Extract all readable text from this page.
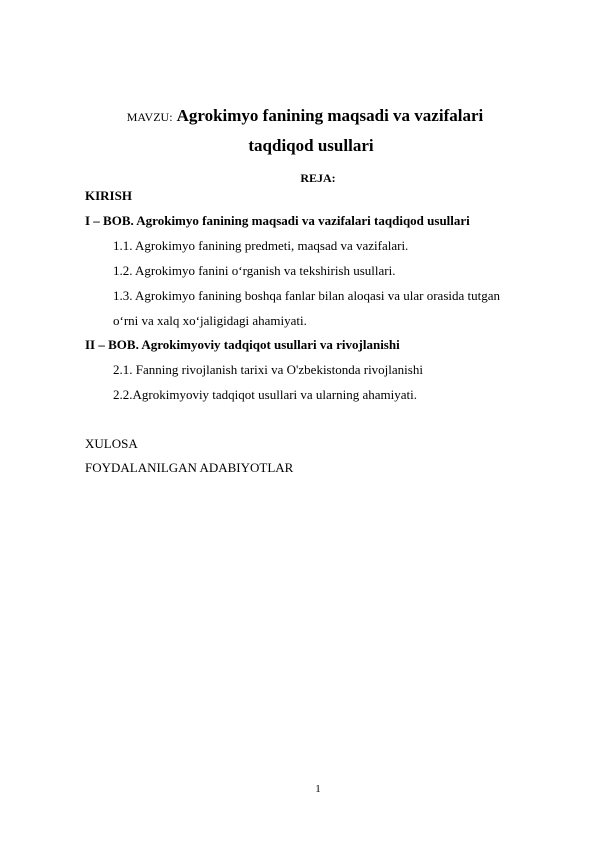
MAVZU: Agrokimyo fanining maqsadi va vazifalari
taqdiqod usullari
REJA:
KIRISH
I – BOB. Agrokimyo fanining maqsadi va vazifalari taqdiqod usullari
1.1. Agrokimyo fanining predmeti, maqsad va vazifalari.
1.2. Agrokimyo fanini o‘rganish va tekshirish usullari.
1.3. Agrokimyo fanining boshqa fanlar bilan aloqasi va ular orasida tutgan
o‘rni va xalq xo‘jaligidagi ahamiyati.
II – BOB. Agrokimyoviy tadqiqot usullari va rivojlanishi
2.1. Fanning rivojlanish tarixi va O'zbekistonda rivojlanishi
2.2.Agrokimyoviy tadqiqot usullari va ularning ahamiyati.
XULOSA
FOYDALANILGAN ADABIYOTLAR
1
